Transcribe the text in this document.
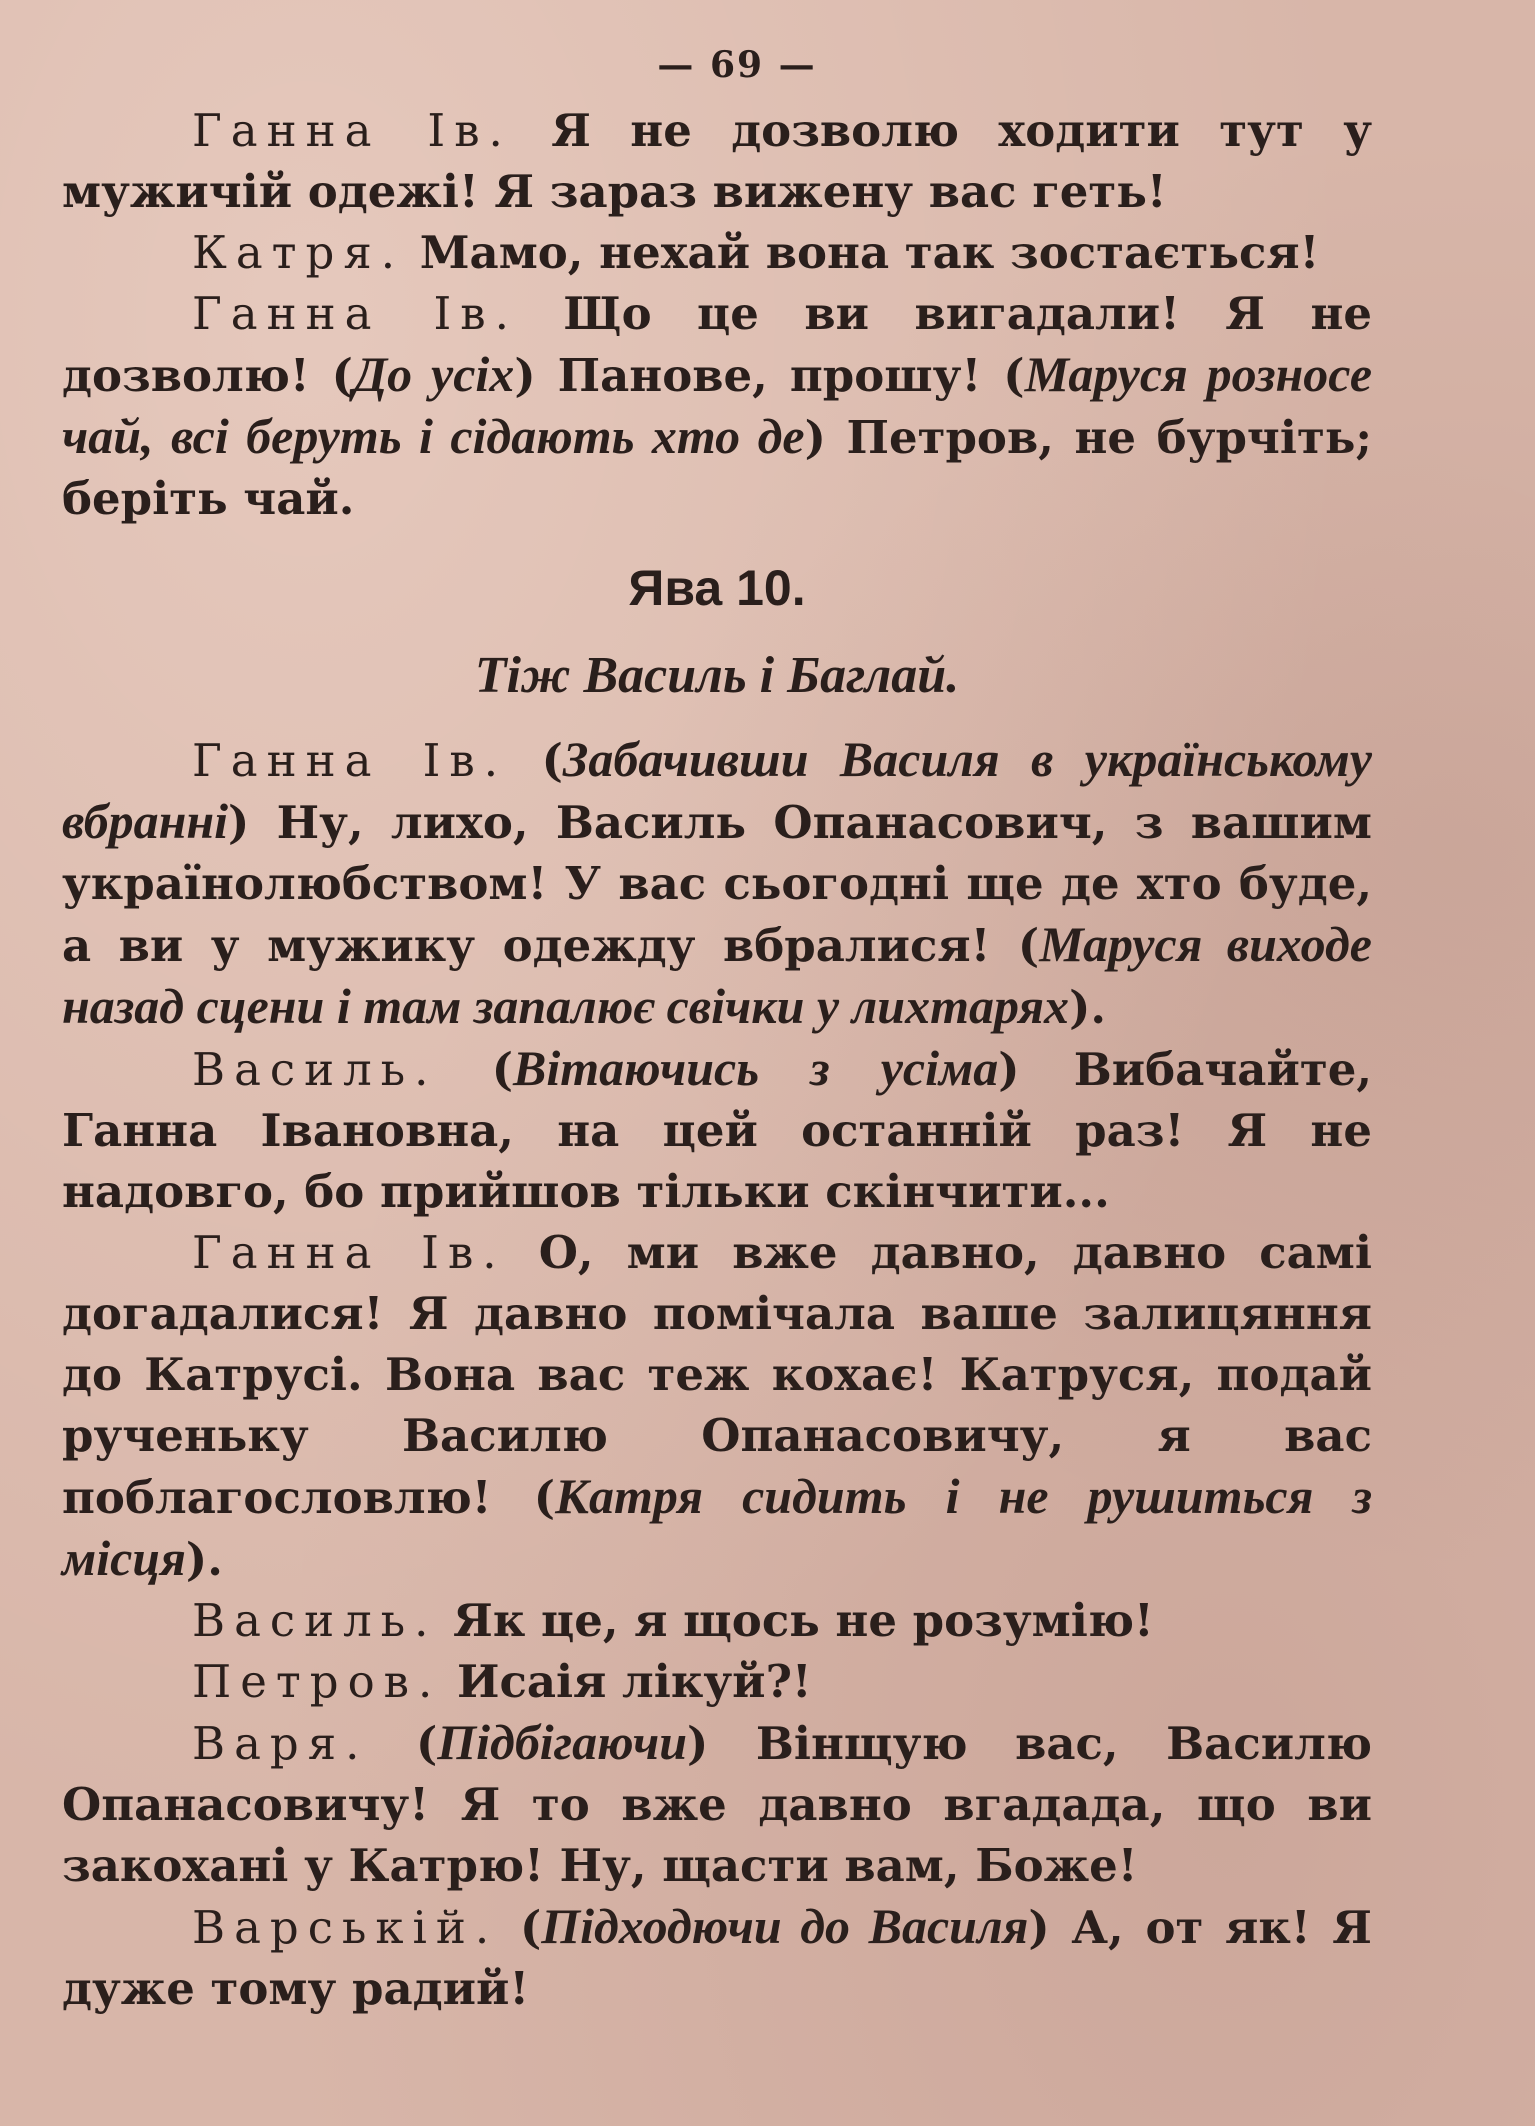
— 69 —

Ганна Ів. Я не дозволю ходити тут у мужичій одежі! Я зараз вижену вас геть!

Катря. Мамо, нехай вона так зостається!

Ганна Ів. Що це ви вигадали! Я не дозволю! (До усіх) Панове, прошу! (Маруся розносе чай, всі беруть і сідають хто де) Петров, не бурчіть; беріть чай.

Ява 10.
Тіж Василь і Баглай.

Ганна Ів. (Забачивши Василя в українському вбранні) Ну, лихо, Василь Опанасович, з вашим українолюбством! У вас сьогодні ще де хто буде, а ви у мужику одежду вбралися! (Маруся виходе назад сцени і там запалює свічки у лихтарях).

Василь. (Вітаючись з усіма) Вибачайте, Ганна Івановна, на цей останній раз! Я не надовго, бо прийшов тільки скінчити...

Ганна Ів. О, ми вже давно, давно самі догадалися! Я давно помічала ваше залицяння до Катрусі. Вона вас теж кохає! Катруся, подай рученьку Василю Опанасовичу, я вас поблагословлю! (Катря сидить і не рушиться з місця).

Василь. Як це, я щось не розумію!

Петров. Исаія лікуй?!

Варя. (Підбігаючи) Вінщую вас, Василю Опанасовичу! Я то вже давно вгадада, що ви закохані у Катрю! Ну, щасти вам, Боже!

Варській. (Підходючи до Василя) А, от як! Я дуже тому радий!
